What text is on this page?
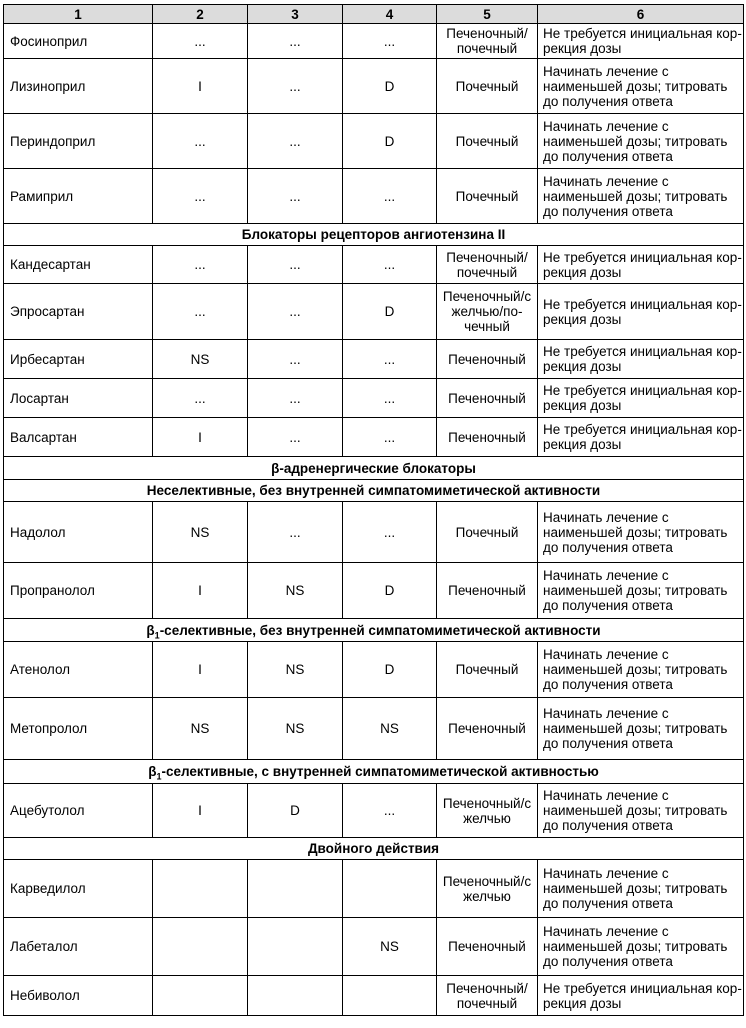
1	2	3	4	5	6
Фосиноприл	...	...	...	Печеночный/ почечный	Не требуется инициальная кор- рекция дозы
Лизиноприл	I	...	D	Почечный	Начинать лечение с наименьшей дозы; титровать до получения ответа
Периндоприл	...	...	D	Почечный	Начинать лечение с наименьшей дозы; титровать до получения ответа
Рамиприл	...	...	...	Почечный	Начинать лечение с наименьшей дозы; титровать до получения ответа
Блокаторы рецепторов ангиотензина II					
Кандесартан	...	...	...	Печеночный/ почечный	Не требуется инициальная кор- рекция дозы
Эпросартан	...	...	D	Печеночный/с желчью/по- чечный	Не требуется инициальная кор- рекция дозы
Ирбесартан	NS	...	...	Печеночный	Не требуется инициальная кор- рекция дозы
Лосартан	...	...	...	Печеночный	Не требуется инициальная кор- рекция дозы
Валсартан	I	...	...	Печеночный	Не требуется инициальная кор- рекция дозы
β-адренергические блокаторы					
Неселективные, без внутренней симпатомиметической активности					
Надолол	NS	...	...	Почечный	Начинать лечение с наименьшей дозы; титровать до получения ответа
Пропранолол	I	NS	D	Печеночный	Начинать лечение с наименьшей дозы; титровать до получения ответа
$\beta_1$-селективные, без внутренней симпатомиметической активности					
Атенолол	I	NS	D	Почечный	Начинать лечение с наименьшей дозы; титровать до получения ответа
Метопролол	NS	NS	NS	Печеночный	Начинать лечение с наименьшей дозы; титровать до получения ответа
$\beta_1$-селективные, с внутренней симпатомиметической активностью					
Ацебутолол	I	D	...	Печеночный/с желчью	Начинать лечение с наименьшей дозы; титровать до получения ответа
Двойного действия					
Карведилол				Печеночный/с желчью	Начинать лечение с наименьшей дозы; титровать до получения ответа
Лабеталол			NS	Печеночный	Начинать лечение с наименьшей дозы; титровать до получения ответа
Небиволол				Печеночный/ почечный	Не требуется инициальная кор- рекция дозы
